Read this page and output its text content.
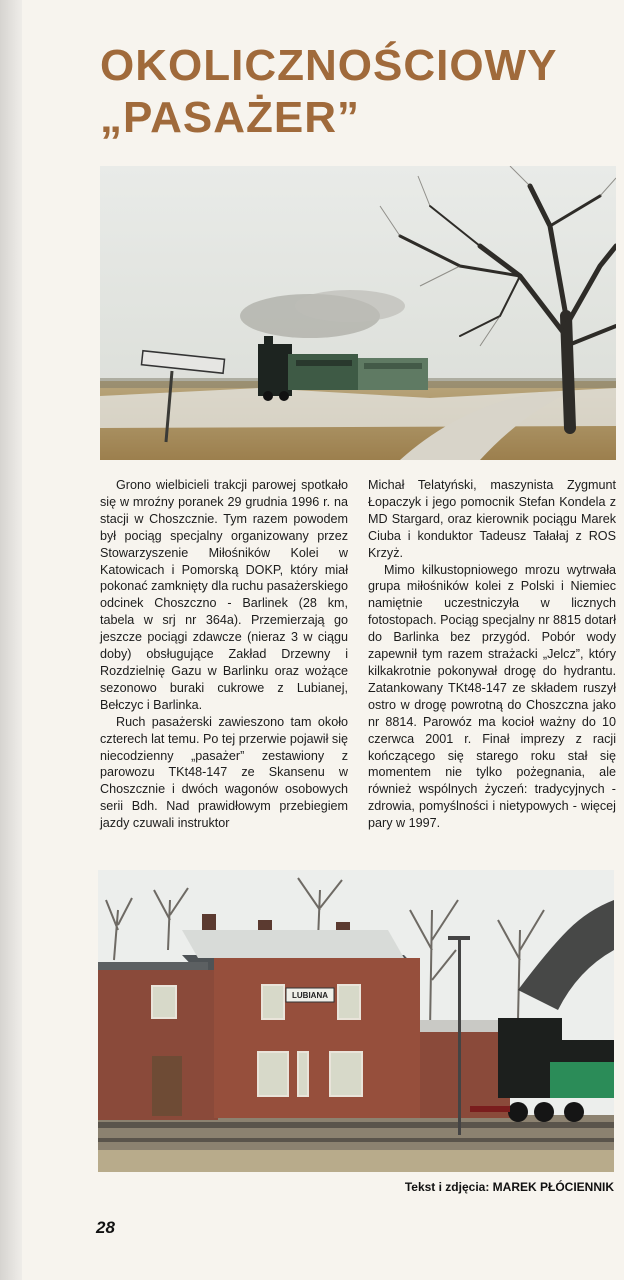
OKOLICZNOŚCIOWY
„PASAŻER”

Grono wielbicieli trakcji parowej spotkało się w mroźny poranek 29 grudnia 1996 r. na stacji w Choszcznie. Tym razem powodem był pociąg specjalny organizowany przez Stowarzyszenie Miłośników Kolei w Katowicach i Pomorską DOKP, który miał pokonać zamknięty dla ruchu pasażerskiego odcinek Choszczno - Barlinek (28 km, tabela w srj nr 364a). Przemierzają go jeszcze pociągi zdawcze (nieraz 3 w ciągu doby) obsługujące Zakład Drzewny i Rozdzielnię Gazu w Barlinku oraz wożące sezonowo buraki cukrowe z Lubianej, Bełczyc i Barlinka.

Ruch pasażerski zawieszono tam około czterech lat temu. Po tej przerwie pojawił się niecodzienny „pasażer” zestawiony z parowozu TKt48-147 ze Skansenu w Choszcznie i dwóch wagonów osobowych serii Bdh. Nad prawidłowym przebiegiem jazdy czuwali instruktor

Michał Telatyński, maszynista Zygmunt Łopaczyk i jego pomocnik Stefan Kondela z MD Stargard, oraz kierownik pociągu Marek Ciuba i konduktor Tadeusz Tałałaj z ROS Krzyż.

Mimo kilkustopniowego mrozu wytrwała grupa miłośników kolei z Polski i Niemiec namiętnie uczestniczyła w licznych fotostopach. Pociąg specjalny nr 8815 dotarł do Barlinka bez przygód. Pobór wody zapewnił tym razem strażacki „Jelcz”, który kilkakrotnie pokonywał drogę do hydrantu. Zatankowany TKt48-147 ze składem ruszył ostro w drogę powrotną do Choszczna jako nr 8814. Parowóz ma kocioł ważny do 10 czerwca 2001 r. Finał imprezy z racji kończącego się starego roku stał się momentem nie tylko pożegnania, ale również wspólnych życzeń: tradycyjnych - zdrowia, pomyślności i nietypowych - więcej pary w 1997.

LUBIANA

Tekst i zdjęcia: MAREK PŁÓCIENNIK

28
